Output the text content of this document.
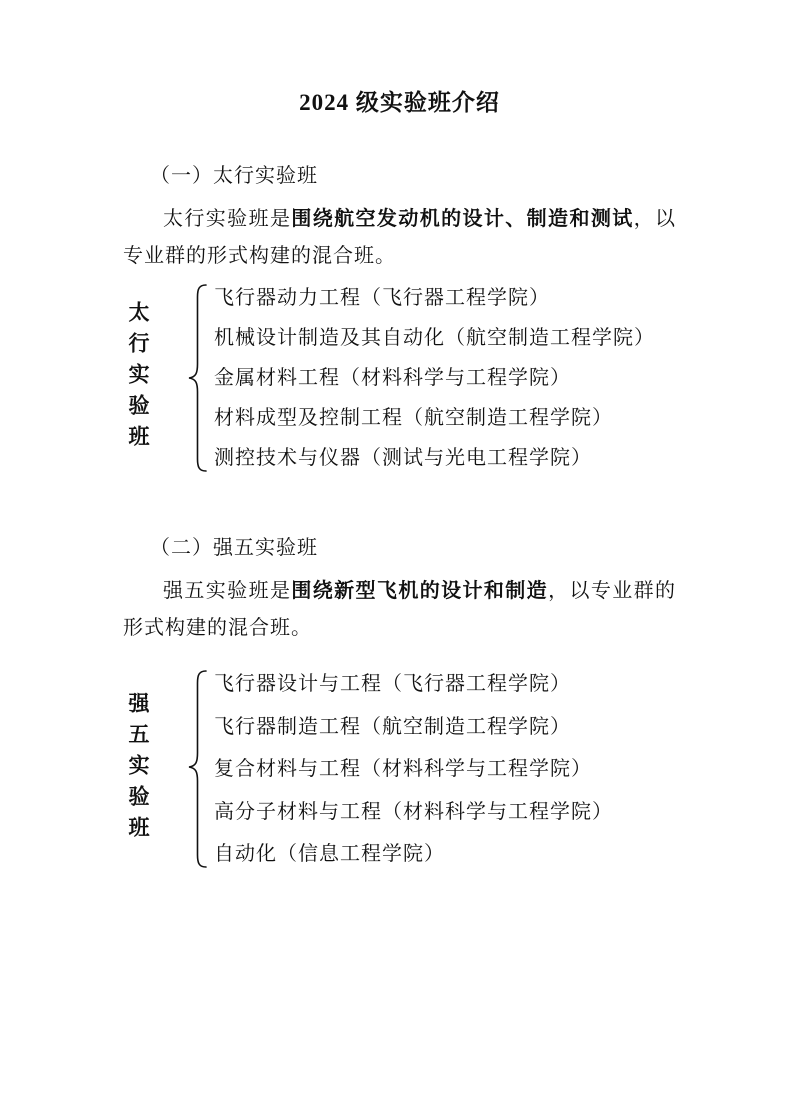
2024 级实验班介绍
（一）太行实验班

太行实验班是围绕航空发动机的设计、制造和测试，以专业群的形式构建的混合班。

太行实验班
飞行器动力工程（飞行器工程学院）
机械设计制造及其自动化（航空制造工程学院）
金属材料工程（材料科学与工程学院）
材料成型及控制工程（航空制造工程学院）
测控技术与仪器（测试与光电工程学院）
（二）强五实验班

强五实验班是围绕新型飞机的设计和制造，以专业群的形式构建的混合班。

强五实验班
飞行器设计与工程（飞行器工程学院）
飞行器制造工程（航空制造工程学院）
复合材料与工程（材料科学与工程学院）
高分子材料与工程（材料科学与工程学院）
自动化（信息工程学院）
